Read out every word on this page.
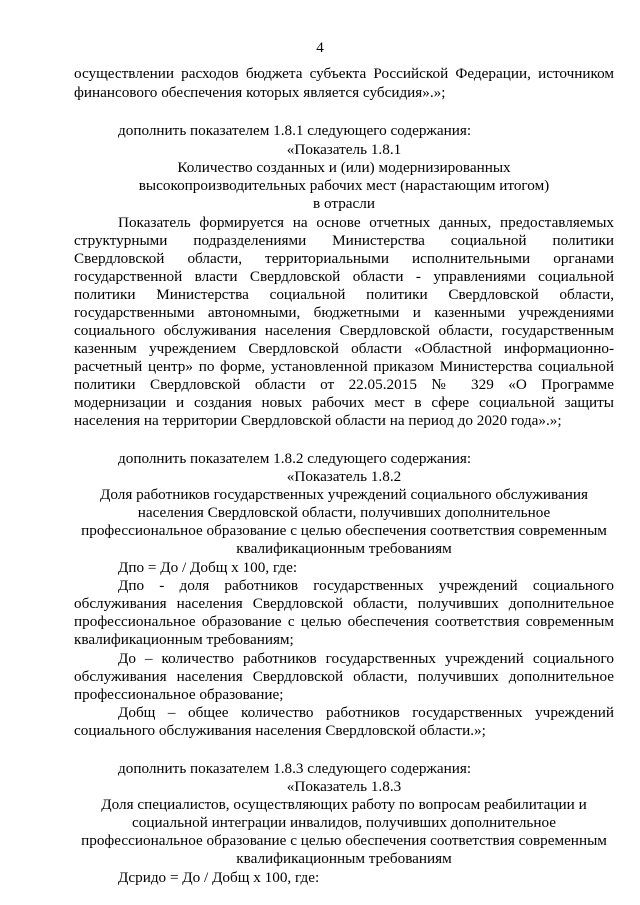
4
осуществлении расходов бюджета субъекта Российской Федерации, источником
финансового обеспечения которых является субсидия».»;
дополнить показателем 1.8.1 следующего содержания:
«Показатель 1.8.1
Количество созданных и (или) модернизированных
высокопроизводительных рабочих мест (нарастающим итогом)
в отрасли
Показатель формируется на основе отчетных данных, предоставляемых
структурными подразделениями Министерства социальной политики
Свердловской области, территориальными исполнительными органами
государственной власти Свердловской области - управлениями социальной
политики Министерства социальной политики Свердловской области,
государственными автономными, бюджетными и казенными учреждениями
социального обслуживания населения Свердловской области, государственным
казенным учреждением Свердловской области «Областной информационно-
расчетный центр» по форме, установленной приказом Министерства социальной
политики Свердловской области от 22.05.2015 № 329 «О Программе
модернизации и создания новых рабочих мест в сфере социальной защиты
населения на территории Свердловской области на период до 2020 года».»;
дополнить показателем 1.8.2 следующего содержания:
«Показатель 1.8.2
Доля работников государственных учреждений социального обслуживания
населения Свердловской области, получивших дополнительное
профессиональное образование с целью обеспечения соответствия современным
квалификационным требованиям
Дпо = До / Добщ x 100, где:
Дпо - доля работников государственных учреждений социального
обслуживания населения Свердловской области, получивших дополнительное
профессиональное образование с целью обеспечения соответствия современным
квалификационным требованиям;
До – количество работников государственных учреждений социального
обслуживания населения Свердловской области, получивших дополнительное
профессиональное образование;
Добщ – общее количество работников государственных учреждений
социального обслуживания населения Свердловской области.»;
дополнить показателем 1.8.3 следующего содержания:
«Показатель 1.8.3
Доля специалистов, осуществляющих работу по вопросам реабилитации и
социальной интеграции инвалидов, получивших дополнительное
профессиональное образование с целью обеспечения соответствия современным
квалификационным требованиям
Дсридо = До / Добщ x 100, где:
